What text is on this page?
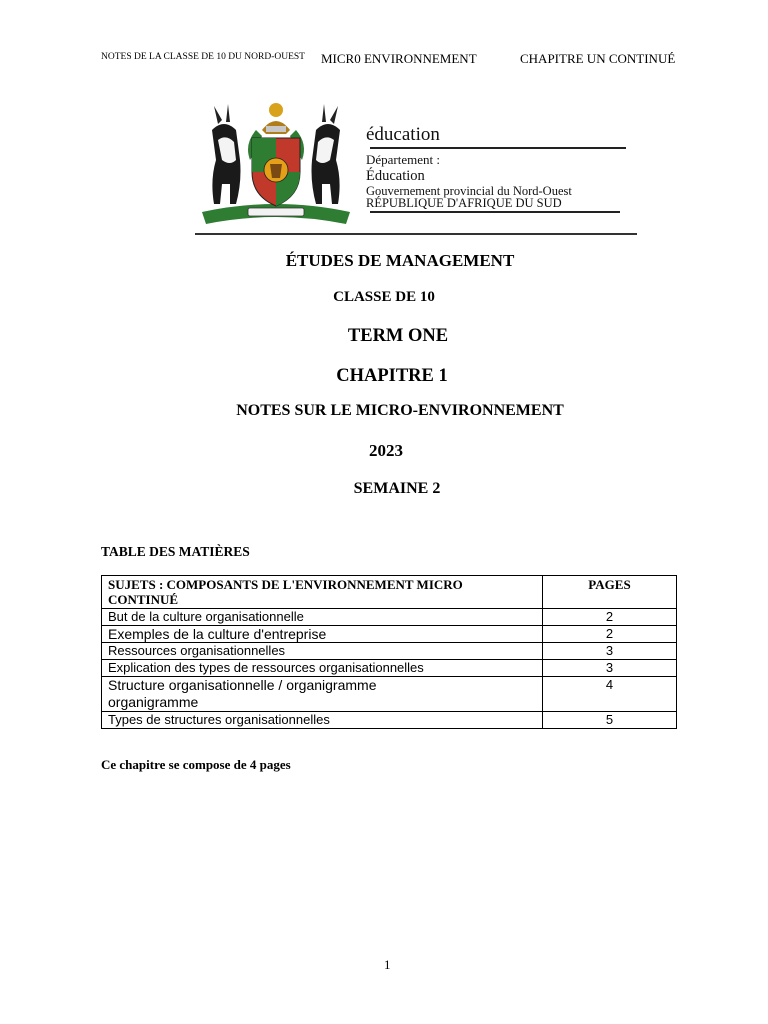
NOTES DE LA CLASSE DE 10 DU NORD-OUEST MICR0 ENVIRONNEMENT	CHAPITRE UN CONTINUÉ
éducation
Département :
Éducation
Gouvernement provincial du Nord-Ouest
RÉPUBLIQUE D'AFRIQUE DU SUD
ÉTUDES DE MANAGEMENT
CLASSE DE 10
TERM ONE
CHAPITRE 1
NOTES SUR LE MICRO-ENVIRONNEMENT
2023
SEMAINE 2
TABLE DES MATIÈRES
SUJETS : COMPOSANTS DE L'ENVIRONNEMENT MICRO CONTINUÉ	PAGES
But de la culture organisationnelle	2
Exemples de la culture d'entreprise	2
Ressources organisationnelles	3
Explication des types de ressources organisationnelles	3
Structure organisationnelle / organigramme organigramme	4
Types de structures organisationnelles	5
Ce chapitre se compose de 4 pages
1
